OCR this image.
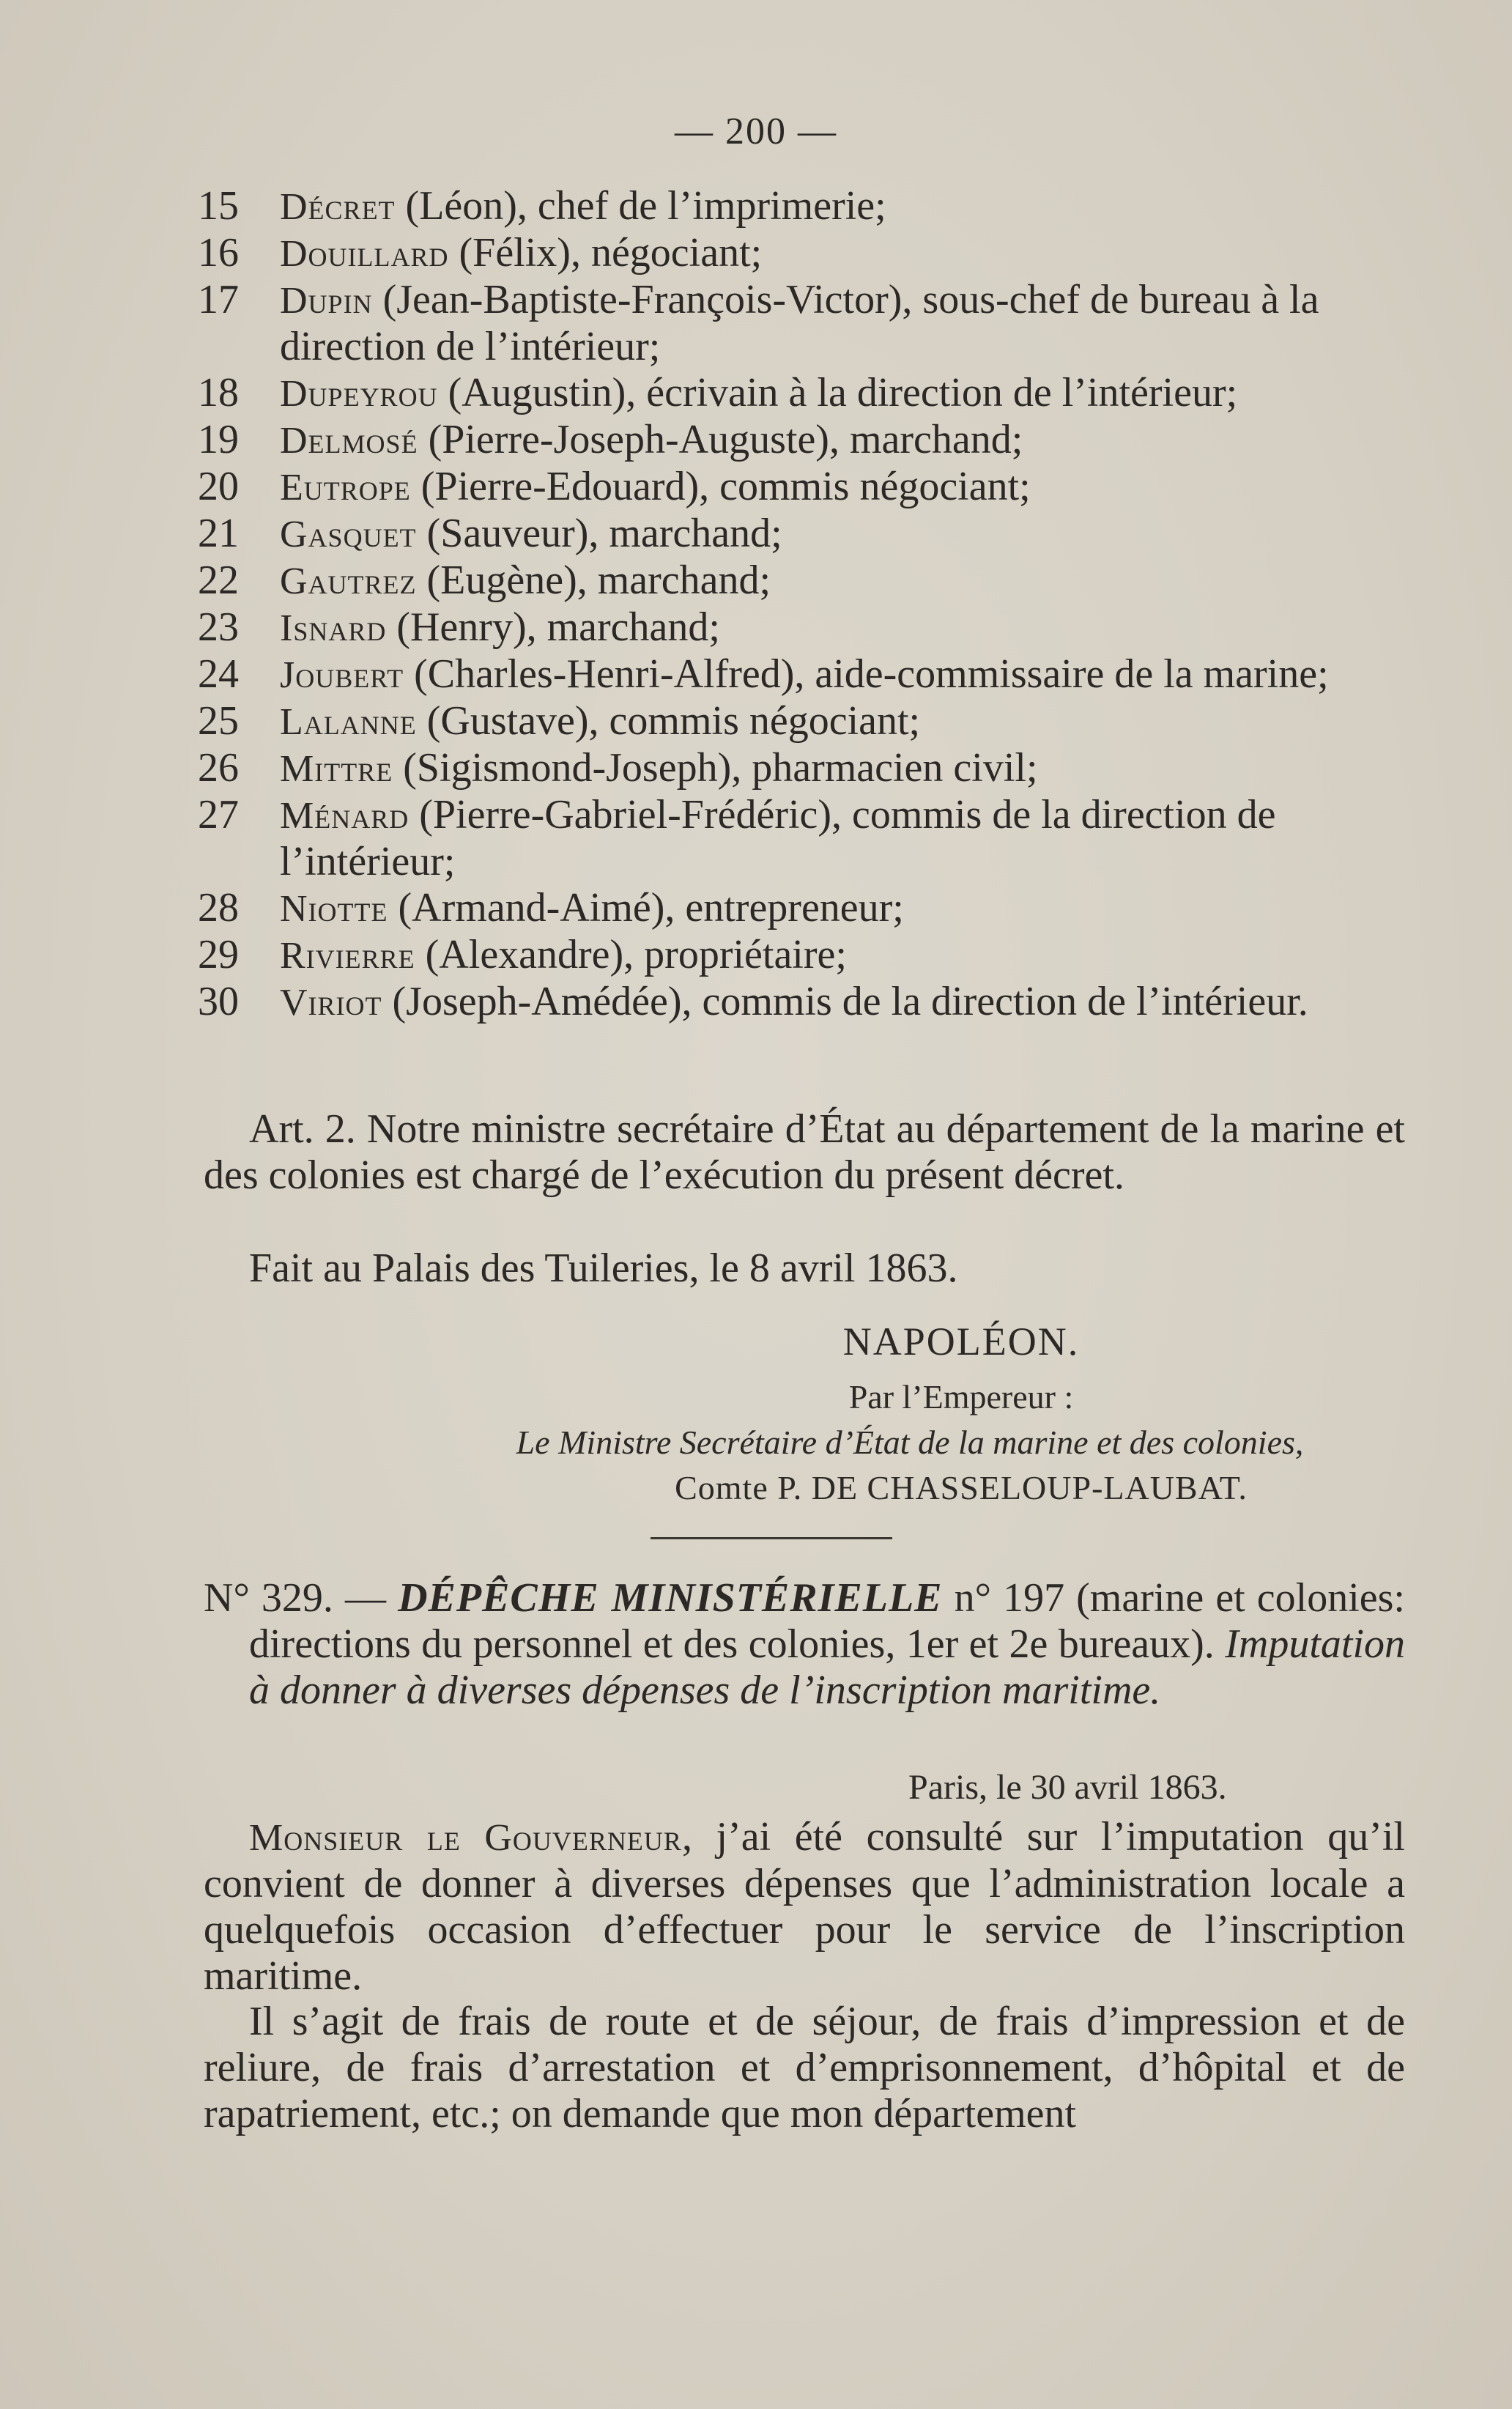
— 200 —
15 Décret (Léon), chef de l’imprimerie;
16 Douillard (Félix), négociant;
17 Dupin (Jean-Baptiste-François-Victor), sous-chef de bureau à la direction de l’intérieur;
18 Dupeyrou (Augustin), écrivain à la direction de l’intérieur;
19 Delmosé (Pierre-Joseph-Auguste), marchand;
20 Eutrope (Pierre-Edouard), commis négociant;
21 Gasquet (Sauveur), marchand;
22 Gautrez (Eugène), marchand;
23 Isnard (Henry), marchand;
24 Joubert (Charles-Henri-Alfred), aide-commissaire de la marine;
25 Lalanne (Gustave), commis négociant;
26 Mittre (Sigismond-Joseph), pharmacien civil;
27 Ménard (Pierre-Gabriel-Frédéric), commis de la direction de l’intérieur;
28 Niotte (Armand-Aimé), entrepreneur;
29 Rivierre (Alexandre), propriétaire;
30 Viriot (Joseph-Amédée), commis de la direction de l’intérieur.
Art. 2. Notre ministre secrétaire d’État au département de la marine et des colonies est chargé de l’exécution du présent décret.
Fait au Palais des Tuileries, le 8 avril 1863.
NAPOLÉON.
Par l’Empereur :
Le Ministre Secrétaire d’État de la marine et des colonies,
Comte P. DE CHASSELOUP-LAUBAT.
N° 329. — DÉPÊCHE MINISTÉRIELLE n° 197 (marine et colonies: directions du personnel et des colonies, 1er et 2e bureaux). Imputation à donner à diverses dépenses de l’inscription maritime.
Paris, le 30 avril 1863.
Monsieur le Gouverneur, j’ai été consulté sur l’imputation qu’il convient de donner à diverses dépenses que l’administration locale a quelquefois occasion d’effectuer pour le service de l’inscription maritime.
Il s’agit de frais de route et de séjour, de frais d’impression et de reliure, de frais d’arrestation et d’emprisonnement, d’hôpital et de rapatriement, etc.; on demande que mon département
